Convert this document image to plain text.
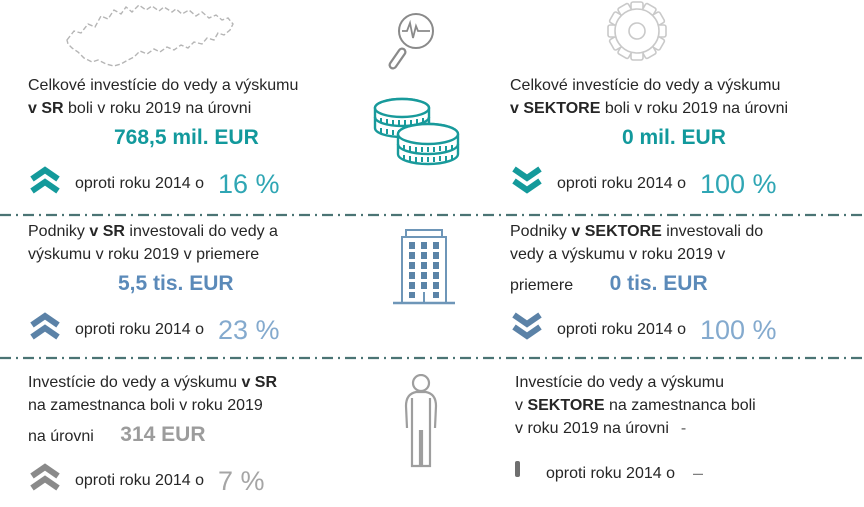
Celkové investície do vedy a výskumu
v SR boli v roku 2019 na úrovni
768,5 mil. EUR
oproti roku 2014 o 16 %
Celkové investície do vedy a výskumu
v SEKTORE boli v roku 2019 na úrovni
0 mil. EUR
oproti roku 2014 o 100 %
Podniky v SR investovali do vedy a
výskumu v roku 2019 v priemere
5,5 tis. EUR
oproti roku 2014 o 23 %
Podniky v SEKTORE investovali do
vedy a výskumu v roku 2019 v
priemere 0 tis. EUR
oproti roku 2014 o 100 %
Investície do vedy a výskumu v SR
na zamestnanca boli v roku 2019
na úrovni 314 EUR
oproti roku 2014 o 7 %
Investície do vedy a výskumu
v SEKTORE na zamestnanca boli
v roku 2019 na úrovni -
oproti roku 2014 o –
